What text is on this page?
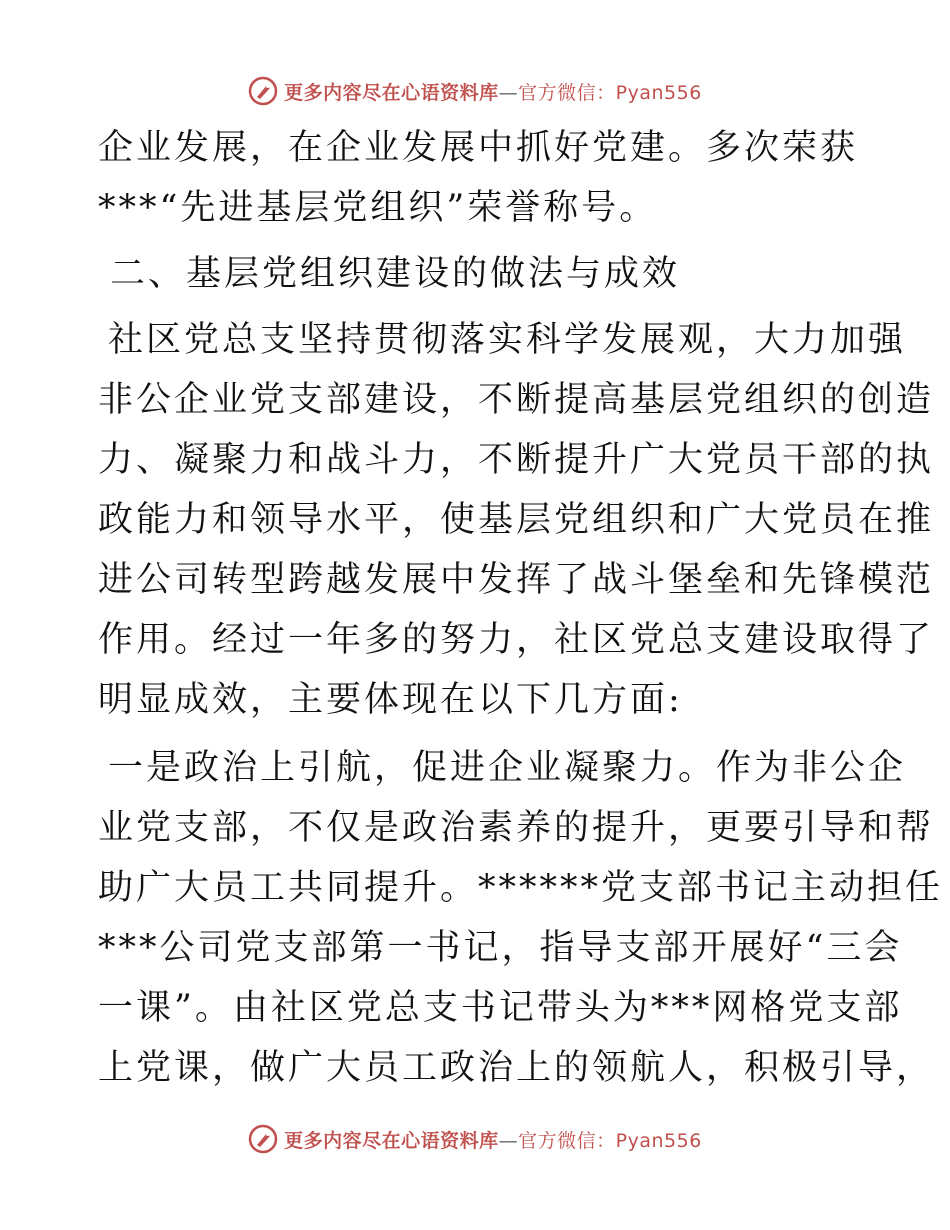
更多内容尽在心语资料库—官方微信：Pyan556
企业发展，在企业发展中抓好党建。多次荣获
***“先进基层党组织”荣誉称号。
二、基层党组织建设的做法与成效
社区党总支坚持贯彻落实科学发展观，大力加强
非公企业党支部建设，不断提高基层党组织的创造
力、凝聚力和战斗力，不断提升广大党员干部的执
政能力和领导水平，使基层党组织和广大党员在推
进公司转型跨越发展中发挥了战斗堡垒和先锋模范
作用。经过一年多的努力，社区党总支建设取得了
明显成效，主要体现在以下几方面:
一是政治上引航，促进企业凝聚力。作为非公企
业党支部，不仅是政治素养的提升，更要引导和帮
助广大员工共同提升。******党支部书记主动担任
***公司党支部第一书记，指导支部开展好“三会
一课”。由社区党总支书记带头为***网格党支部
上党课，做广大员工政治上的领航人，积极引导，
更多内容尽在心语资料库—官方微信：Pyan556
